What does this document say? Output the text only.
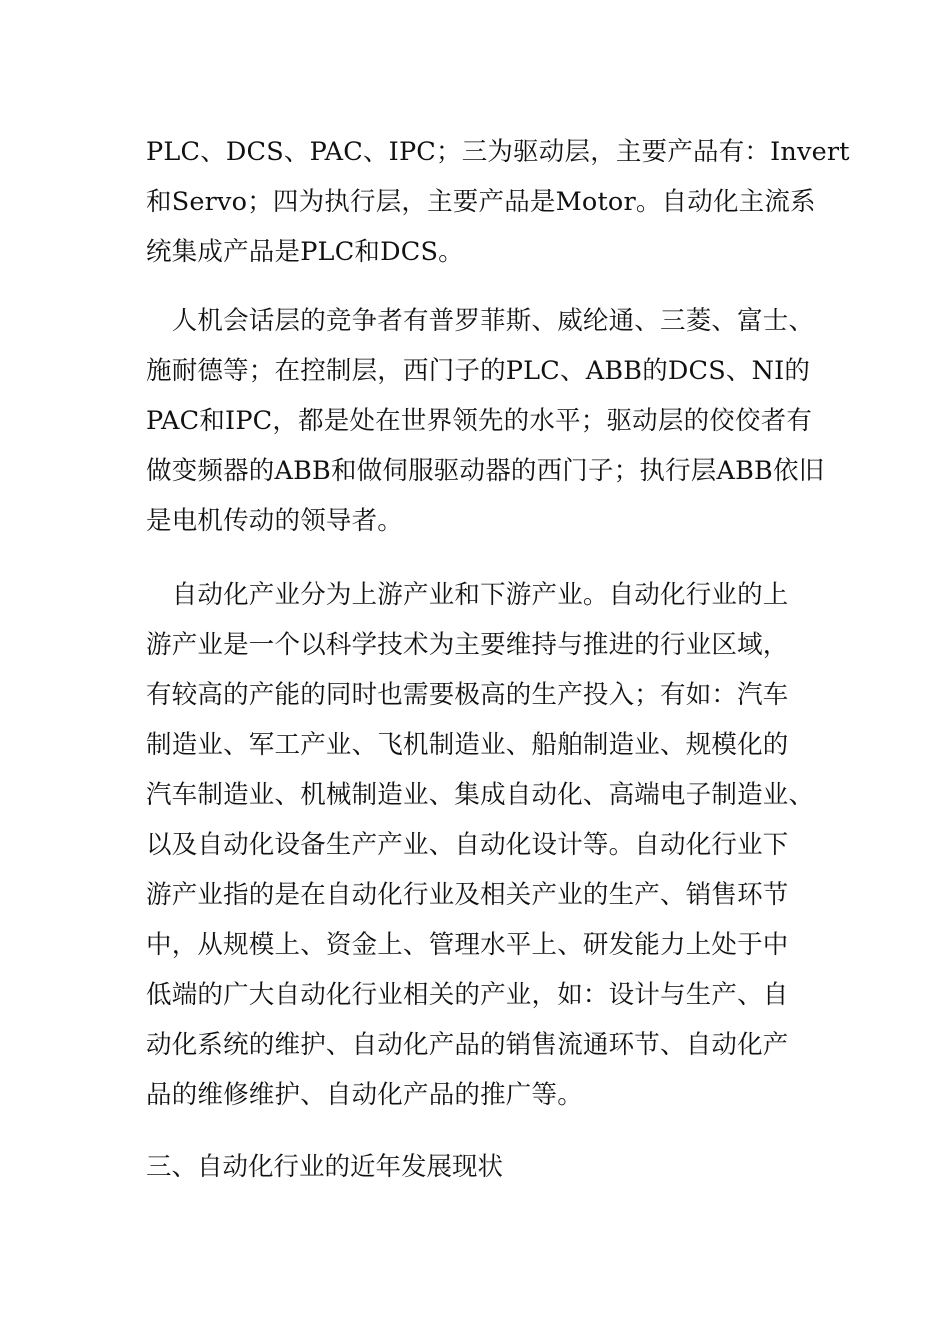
PLC、DCS、PAC、IPC；三为驱动层，主要产品有：Invert
和Servo；四为执行层，主要产品是Motor。自动化主流系
统集成产品是PLC和DCS。
　人机会话层的竞争者有普罗菲斯、威纶通、三菱、富士、
施耐德等；在控制层，西门子的PLC、ABB的DCS、NI的
PAC和IPC，都是处在世界领先的水平；驱动层的佼佼者有
做变频器的ABB和做伺服驱动器的西门子；执行层ABB依旧
是电机传动的领导者。
　自动化产业分为上游产业和下游产业。自动化行业的上
游产业是一个以科学技术为主要维持与推进的行业区域，
有较高的产能的同时也需要极高的生产投入；有如：汽车
制造业、军工产业、飞机制造业、船舶制造业、规模化的
汽车制造业、机械制造业、集成自动化、高端电子制造业、
以及自动化设备生产产业、自动化设计等。自动化行业下
游产业指的是在自动化行业及相关产业的生产、销售环节
中，从规模上、资金上、管理水平上、研发能力上处于中
低端的广大自动化行业相关的产业，如：设计与生产、自
动化系统的维护、自动化产品的销售流通环节、自动化产
品的维修维护、自动化产品的推广等。
三、自动化行业的近年发展现状
